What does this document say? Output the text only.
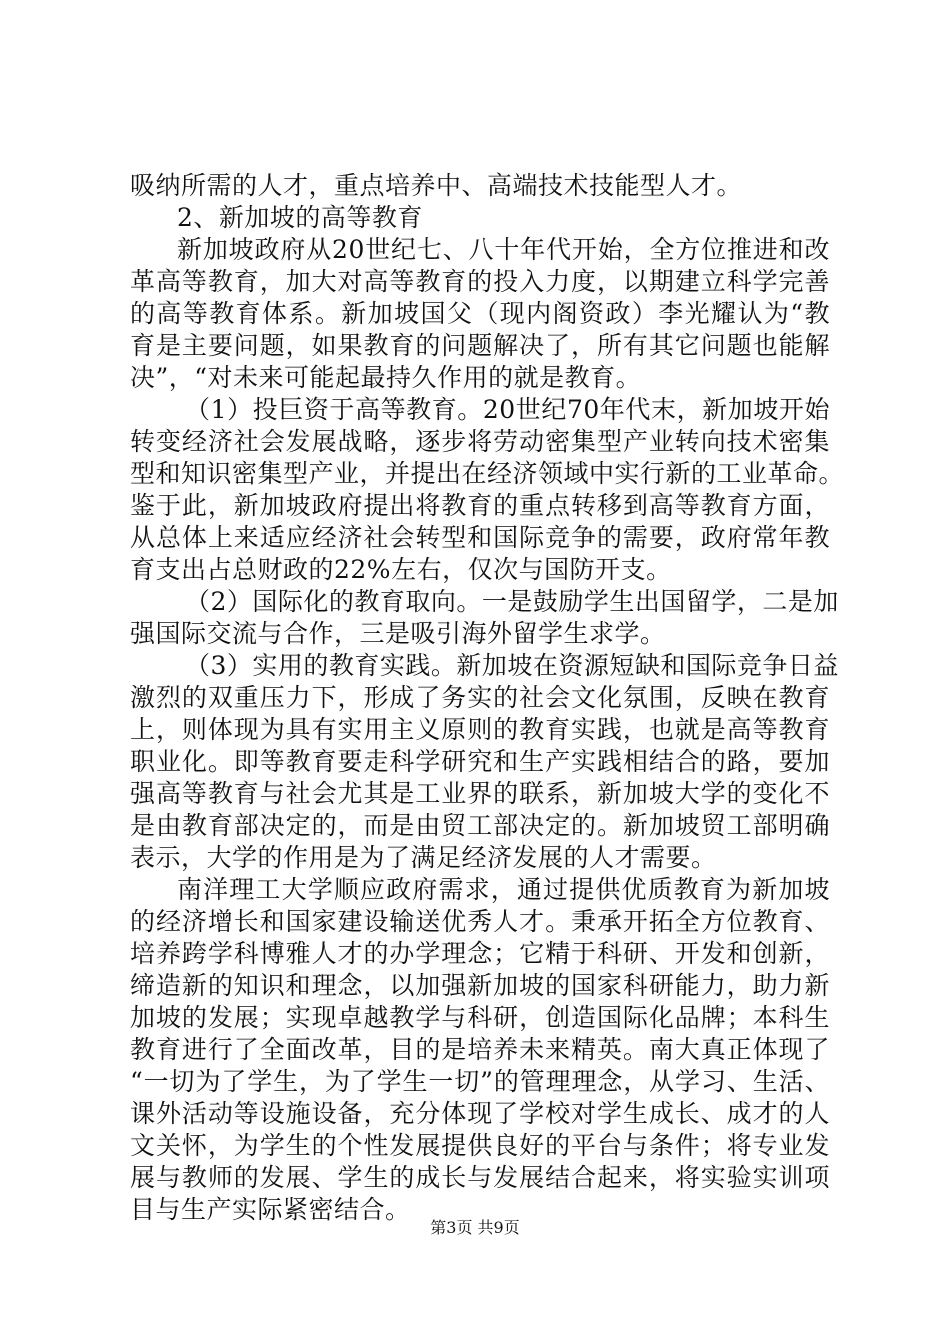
吸纳所需的人才，重点培养中、高端技术技能型人才。
2、新加坡的高等教育
新加坡政府从20世纪七、八十年代开始，全方位推进和改
革高等教育，加大对高等教育的投入力度，以期建立科学完善
的高等教育体系。新加坡国父（现内阁资政）李光耀认为“教
育是主要问题，如果教育的问题解决了，所有其它问题也能解
决”，“对未来可能起最持久作用的就是教育。
（1）投巨资于高等教育。20世纪70年代末，新加坡开始
转变经济社会发展战略，逐步将劳动密集型产业转向技术密集
型和知识密集型产业，并提出在经济领域中实行新的工业革命。
鉴于此，新加坡政府提出将教育的重点转移到高等教育方面，
从总体上来适应经济社会转型和国际竞争的需要，政府常年教
育支出占总财政的22%左右，仅次与国防开支。
（2）国际化的教育取向。一是鼓励学生出国留学，二是加
强国际交流与合作，三是吸引海外留学生求学。
（3）实用的教育实践。新加坡在资源短缺和国际竞争日益
激烈的双重压力下，形成了务实的社会文化氛围，反映在教育
上，则体现为具有实用主义原则的教育实践，也就是高等教育
职业化。即等教育要走科学研究和生产实践相结合的路，要加
强高等教育与社会尤其是工业界的联系，新加坡大学的变化不
是由教育部决定的，而是由贸工部决定的。新加坡贸工部明确
表示，大学的作用是为了满足经济发展的人才需要。
南洋理工大学顺应政府需求，通过提供优质教育为新加坡
的经济增长和国家建设输送优秀人才。秉承开拓全方位教育、
培养跨学科博雅人才的办学理念；它精于科研、开发和创新，
缔造新的知识和理念，以加强新加坡的国家科研能力，助力新
加坡的发展；实现卓越教学与科研，创造国际化品牌；本科生
教育进行了全面改革，目的是培养未来精英。南大真正体现了
“一切为了学生，为了学生一切”的管理理念，从学习、生活、
课外活动等设施设备，充分体现了学校对学生成长、成才的人
文关怀，为学生的个性发展提供良好的平台与条件；将专业发
展与教师的发展、学生的成长与发展结合起来，将实验实训项
目与生产实际紧密结合。
第3页 共9页
